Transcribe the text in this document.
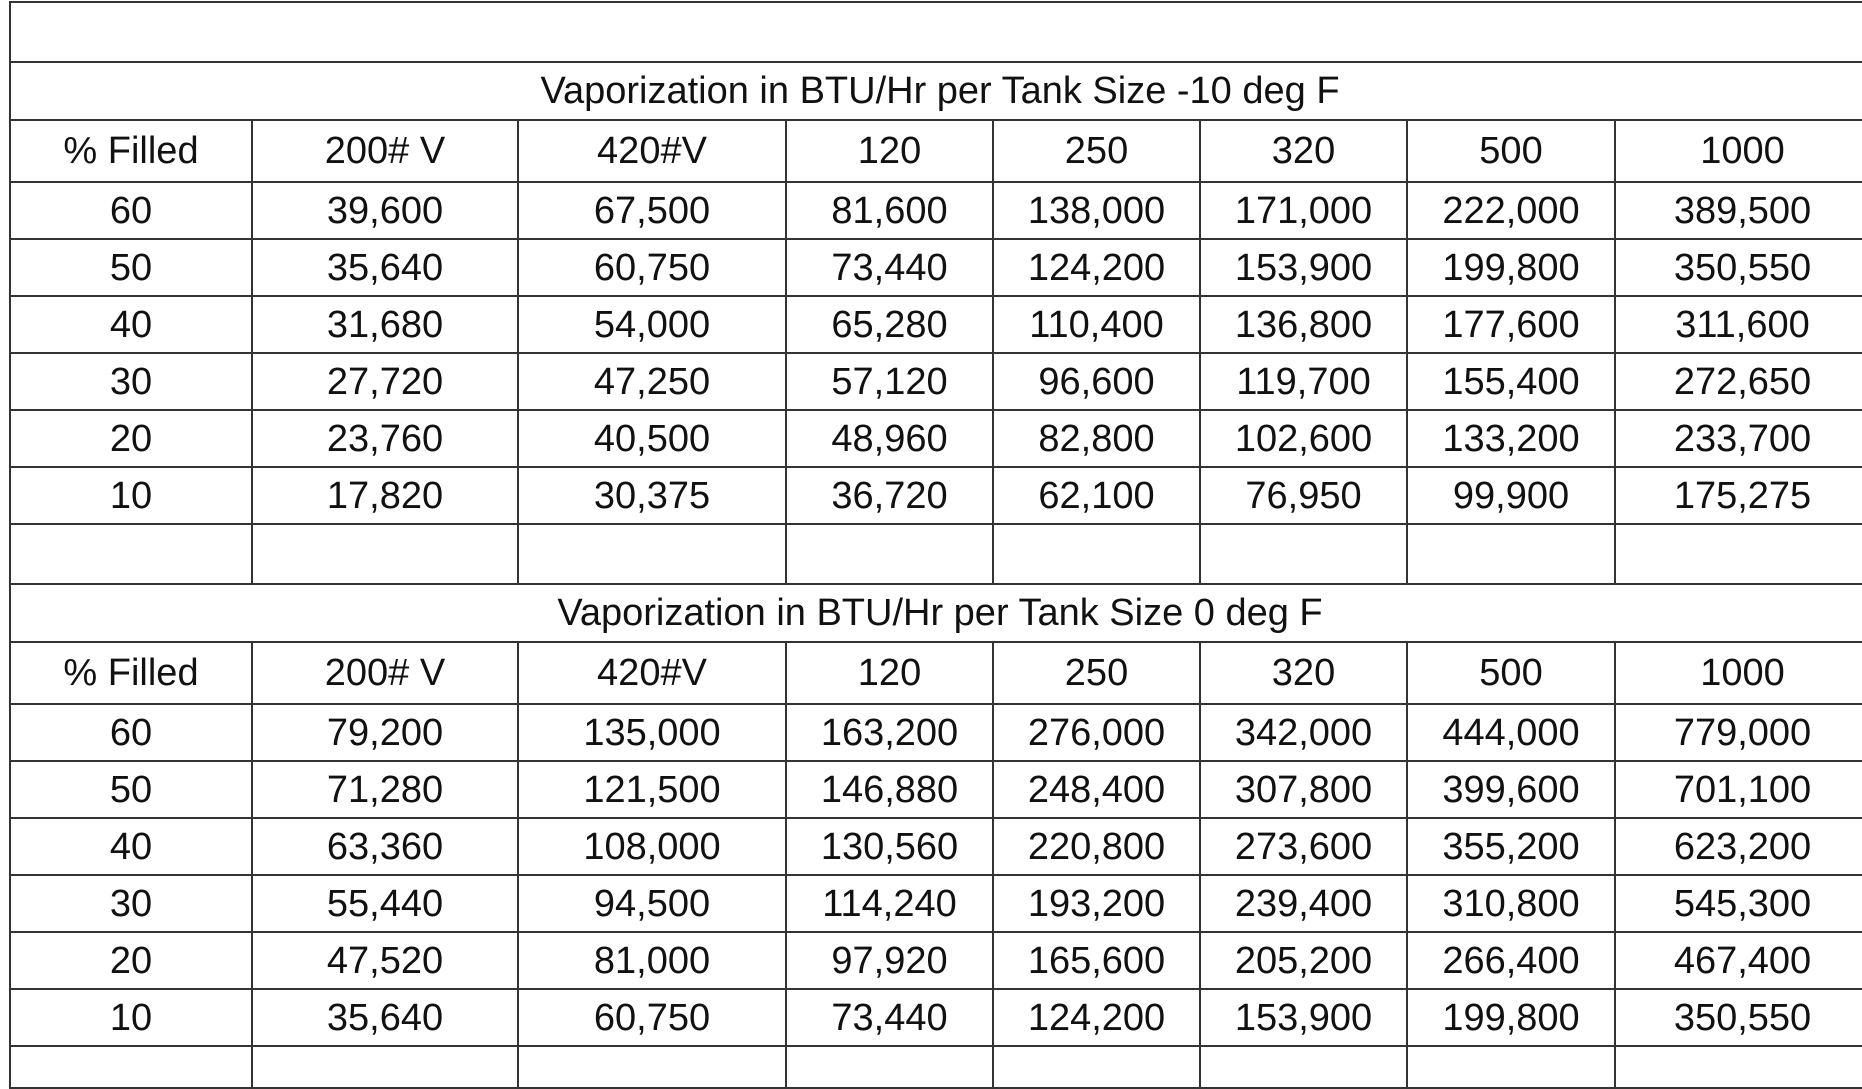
Vaporization in BTU/Hr per Tank Size -10 deg F							
% Filled	200# V	420#V	120	250	320	500	1000
60	39,600	67,500	81,600	138,000	171,000	222,000	389,500
50	35,640	60,750	73,440	124,200	153,900	199,800	350,550
40	31,680	54,000	65,280	110,400	136,800	177,600	311,600
30	27,720	47,250	57,120	96,600	119,700	155,400	272,650
20	23,760	40,500	48,960	82,800	102,600	133,200	233,700
10	17,820	30,375	36,720	62,100	76,950	99,900	175,275

Vaporization in BTU/Hr per Tank Size 0 deg F							
% Filled	200# V	420#V	120	250	320	500	1000
60	79,200	135,000	163,200	276,000	342,000	444,000	779,000
50	71,280	121,500	146,880	248,400	307,800	399,600	701,100
40	63,360	108,000	130,560	220,800	273,600	355,200	623,200
30	55,440	94,500	114,240	193,200	239,400	310,800	545,300
20	47,520	81,000	97,920	165,600	205,200	266,400	467,400
10	35,640	60,750	73,440	124,200	153,900	199,800	350,550
